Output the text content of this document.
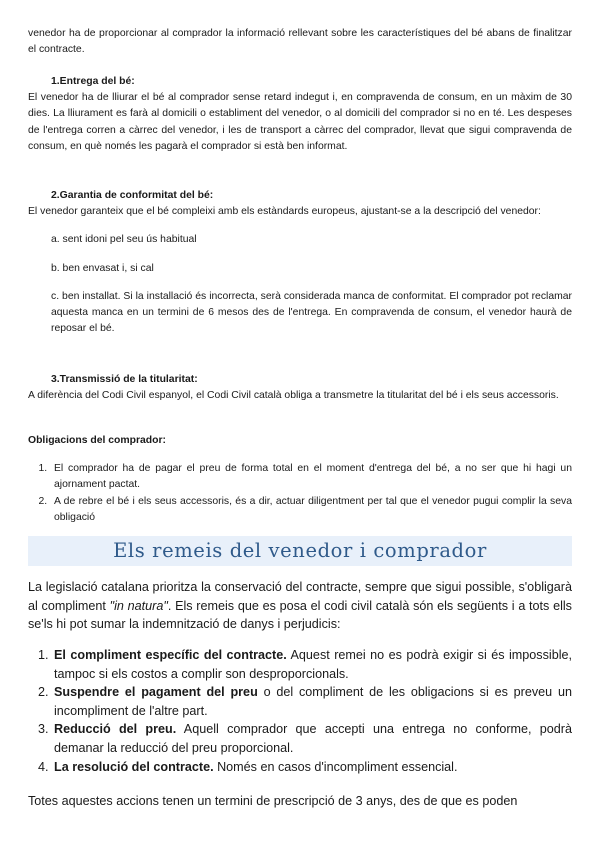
venedor ha de proporcionar al comprador la informació rellevant sobre les característiques del bé abans de finalitzar el contracte.

1.Entrega del bé:

El venedor ha de lliurar el bé al comprador sense retard indegut i, en compravenda de consum, en un màxim de 30 dies. La lliurament es farà al domicili o establiment del venedor, o al domicili del comprador si no en té. Les despeses de l'entrega corren a càrrec del venedor, i les de transport a càrrec del comprador, llevat que sigui compravenda de consum, en què només les pagarà el comprador si està ben informat.

2.Garantia de conformitat del bé:

El venedor garanteix que el bé compleixi amb els estàndards europeus, ajustant-se a la descripció del venedor:

a. sent idoni pel seu ús habitual

b. ben envasat i, si cal

c. ben installat. Si la installació és incorrecta, serà considerada manca de conformitat. El comprador pot reclamar aquesta manca en un termini de 6 mesos des de l'entrega. En compravenda de consum, el venedor haurà de reposar el bé.

3.Transmissió de la titularitat:

A diferència del Codi Civil espanyol, el Codi Civil català obliga a transmetre la titularitat del bé i els seus accessoris.

Obligacions del comprador:

1. El comprador ha de pagar el preu de forma total en el moment d'entrega del bé, a no ser que hi hagi un ajornament pactat.
2. A de rebre el bé i els seus accessoris, és a dir, actuar diligentment per tal que el venedor pugui complir la seva obligació
Els remeis del venedor i comprador

La legislació catalana prioritza la conservació del contracte, sempre que sigui possible, s'obligarà al compliment "in natura". Els remeis que es posa el codi civil català són els següents i a tots ells se'ls hi pot sumar la indemnització de danys i perjudicis:

1. El compliment específic del contracte. Aquest remei no es podrà exigir si és impossible, tampoc si els costos a complir son desproporcionals.
2. Suspendre el pagament del preu o del compliment de les obligacions si es preveu un incompliment de l'altre part.
3. Reducció del preu. Aquell comprador que accepti una entrega no conforme, podrà demanar la reducció del preu proporcional.
4. La resolució del contracte. Només en casos d'incompliment essencial.

Totes aquestes accions tenen un termini de prescripció de 3 anys, des de que es poden
